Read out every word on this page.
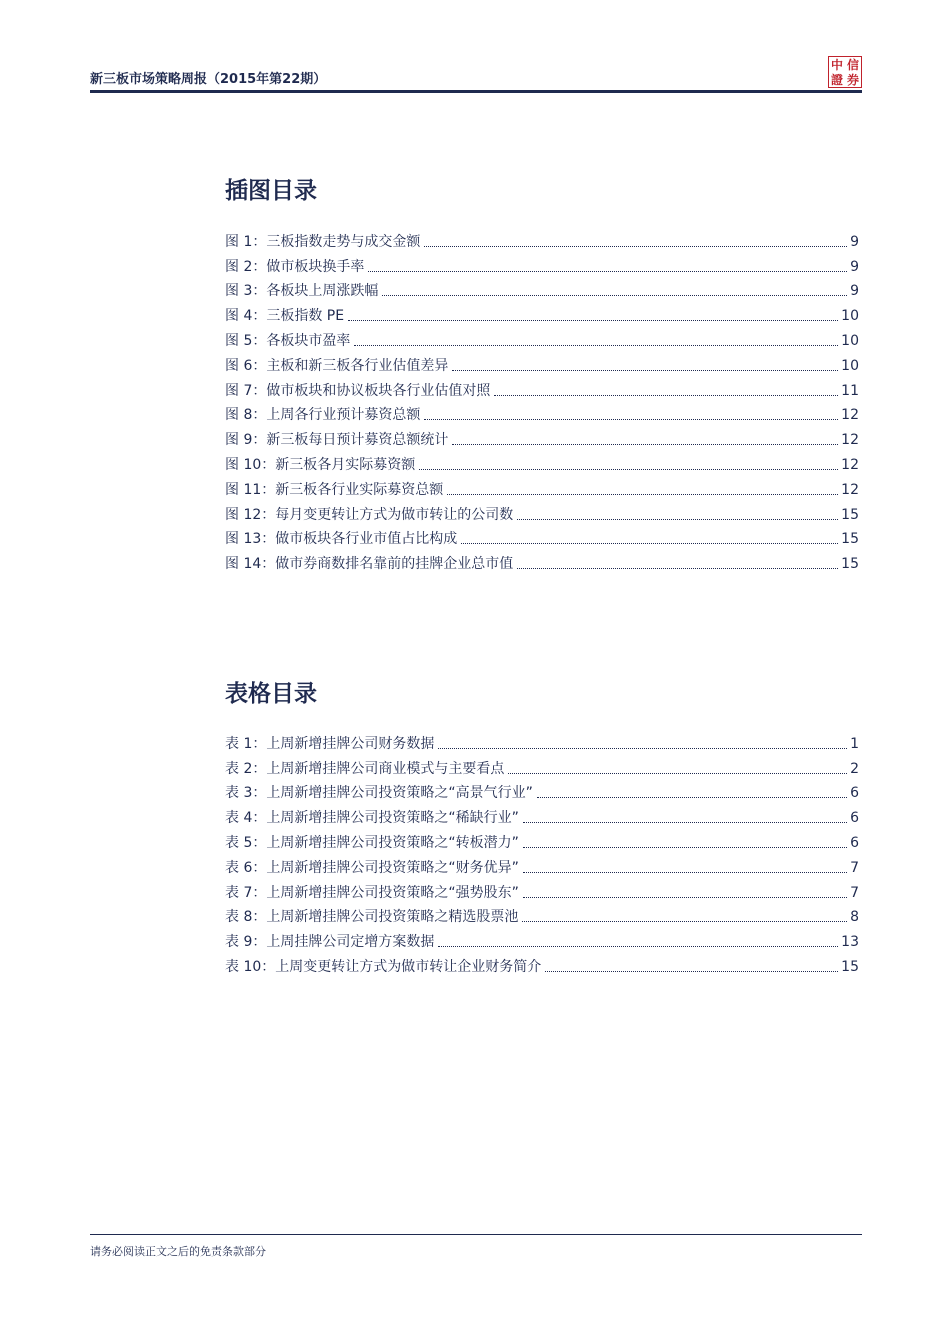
新三板市场策略周报（2015年第22期）
中 信
證 券
插图目录
图 1：三板指数走势与成交金额	9
图 2：做市板块换手率	9
图 3：各板块上周涨跌幅	9
图 4：三板指数 PE	10
图 5：各板块市盈率	10
图 6：主板和新三板各行业估值差异	10
图 7：做市板块和协议板块各行业估值对照	11
图 8：上周各行业预计募资总额	12
图 9：新三板每日预计募资总额统计	12
图 10：新三板各月实际募资额	12
图 11：新三板各行业实际募资总额	12
图 12：每月变更转让方式为做市转让的公司数	15
图 13：做市板块各行业市值占比构成	15
图 14：做市券商数排名靠前的挂牌企业总市值	15
表格目录
表 1：上周新增挂牌公司财务数据	1
表 2：上周新增挂牌公司商业模式与主要看点	2
表 3：上周新增挂牌公司投资策略之“高景气行业”	6
表 4：上周新增挂牌公司投资策略之“稀缺行业”	6
表 5：上周新增挂牌公司投资策略之“转板潜力”	6
表 6：上周新增挂牌公司投资策略之“财务优异”	7
表 7：上周新增挂牌公司投资策略之“强势股东”	7
表 8：上周新增挂牌公司投资策略之精选股票池	8
表 9：上周挂牌公司定增方案数据	13
表 10：上周变更转让方式为做市转让企业财务简介	15
请务必阅读正文之后的免责条款部分
